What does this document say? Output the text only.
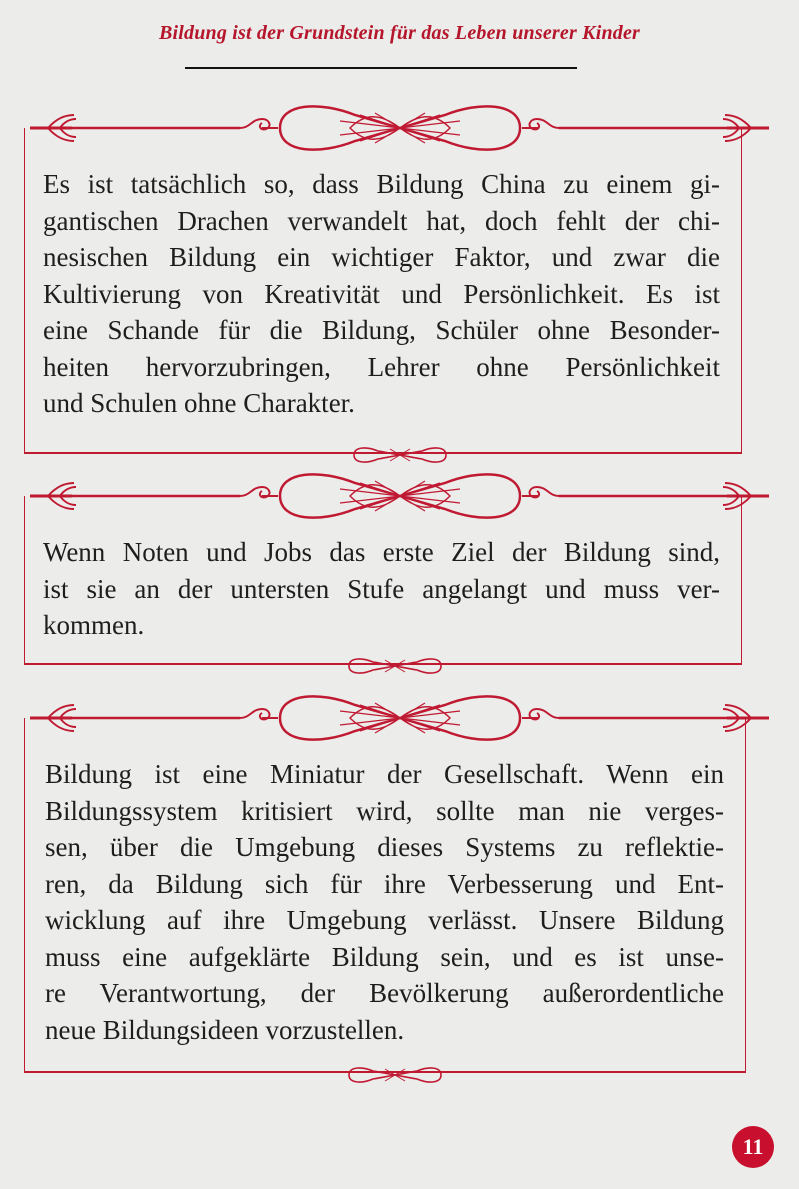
Bildung ist der Grundstein für das Leben unserer Kinder
Es ist tatsächlich so, dass Bildung China zu einem gi-
gantischen Drachen verwandelt hat, doch fehlt der chi-
nesischen Bildung ein wichtiger Faktor, und zwar die
Kultivierung von Kreativität und Persönlichkeit. Es ist
eine Schande für die Bildung, Schüler ohne Besonder-
heiten hervorzubringen, Lehrer ohne Persönlichkeit
und Schulen ohne Charakter.
Wenn Noten und Jobs das erste Ziel der Bildung sind,
ist sie an der untersten Stufe angelangt und muss ver-
kommen.
Bildung ist eine Miniatur der Gesellschaft. Wenn ein
Bildungssystem kritisiert wird, sollte man nie verges-
sen, über die Umgebung dieses Systems zu reflektie-
ren, da Bildung sich für ihre Verbesserung und Ent-
wicklung auf ihre Umgebung verlässt. Unsere Bildung
muss eine aufgeklärte Bildung sein, und es ist unse-
re Verantwortung, der Bevölkerung außerordentliche
neue Bildungsideen vorzustellen.
11
